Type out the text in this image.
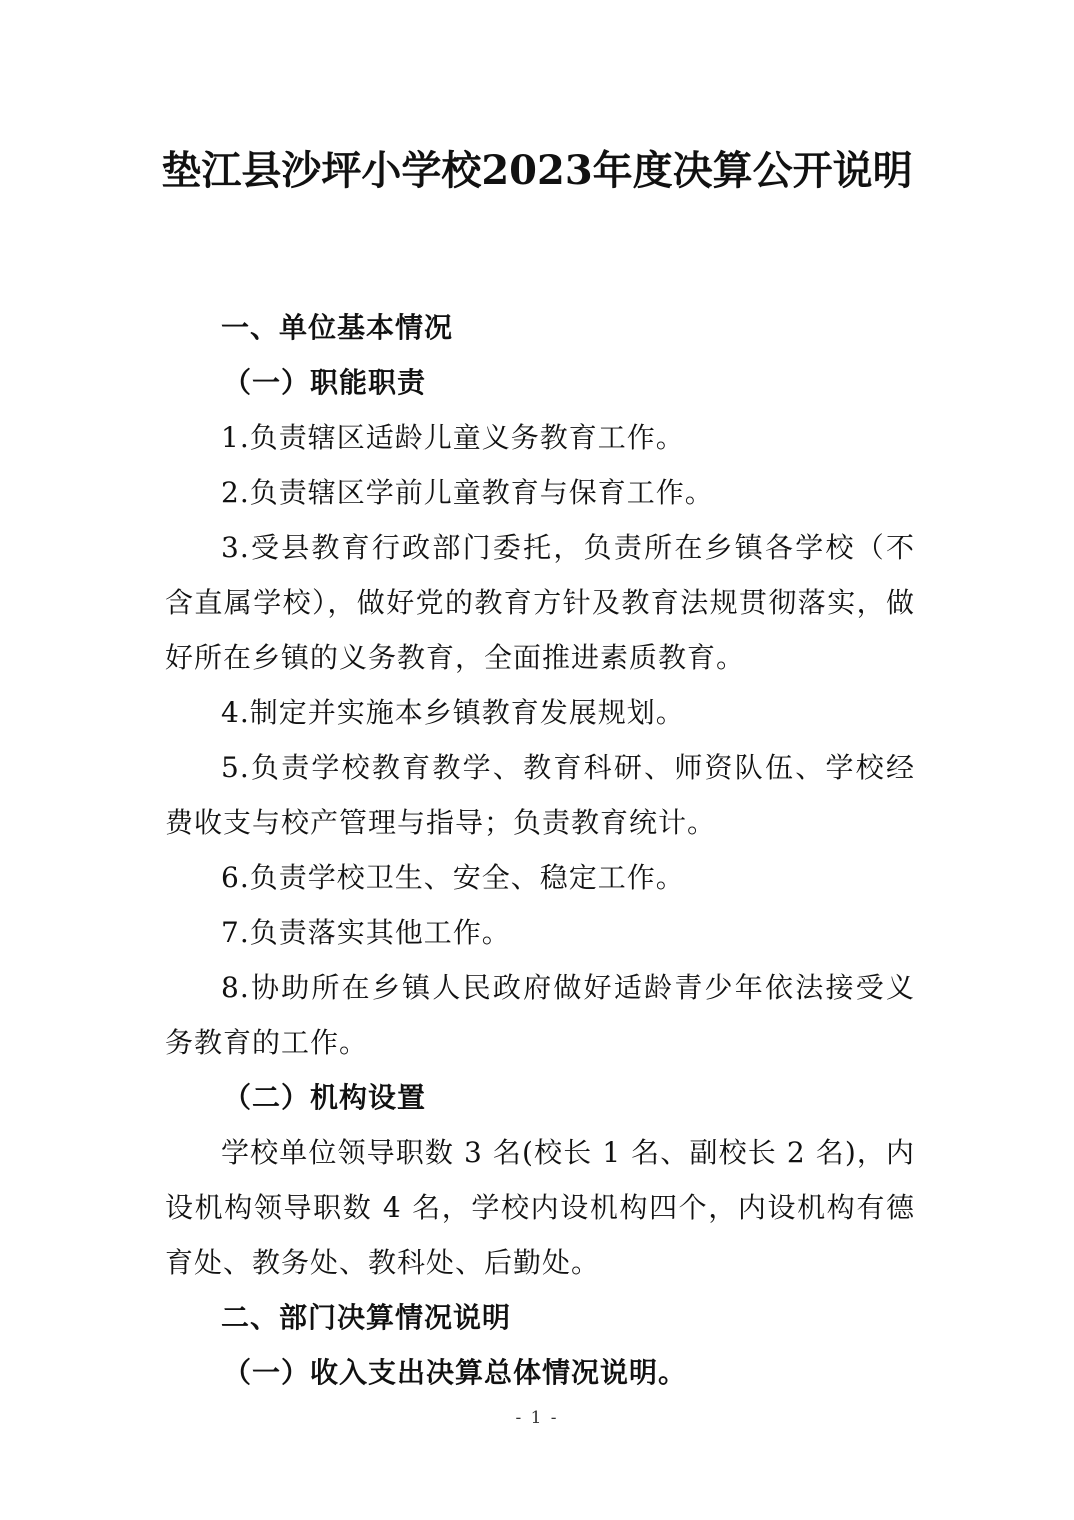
垫江县沙坪小学校2023年度决算公开说明

一、单位基本情况

（一）职能职责

1.负责辖区适龄儿童义务教育工作。

2.负责辖区学前儿童教育与保育工作。

3.受县教育行政部门委托，负责所在乡镇各学校（不含直属学校），做好党的教育方针及教育法规贯彻落实，做好所在乡镇的义务教育，全面推进素质教育。

4.制定并实施本乡镇教育发展规划。

5.负责学校教育教学、教育科研、师资队伍、学校经费收支与校产管理与指导；负责教育统计。

6.负责学校卫生、安全、稳定工作。

7.负责落实其他工作。

8.协助所在乡镇人民政府做好适龄青少年依法接受义务教育的工作。

（二）机构设置

学校单位领导职数 3 名(校长 1 名、副校长 2 名)，内设机构领导职数 4 名，学校内设机构四个，内设机构有德育处、教务处、教科处、后勤处。

二、部门决算情况说明

（一）收入支出决算总体情况说明。

- 1 -
